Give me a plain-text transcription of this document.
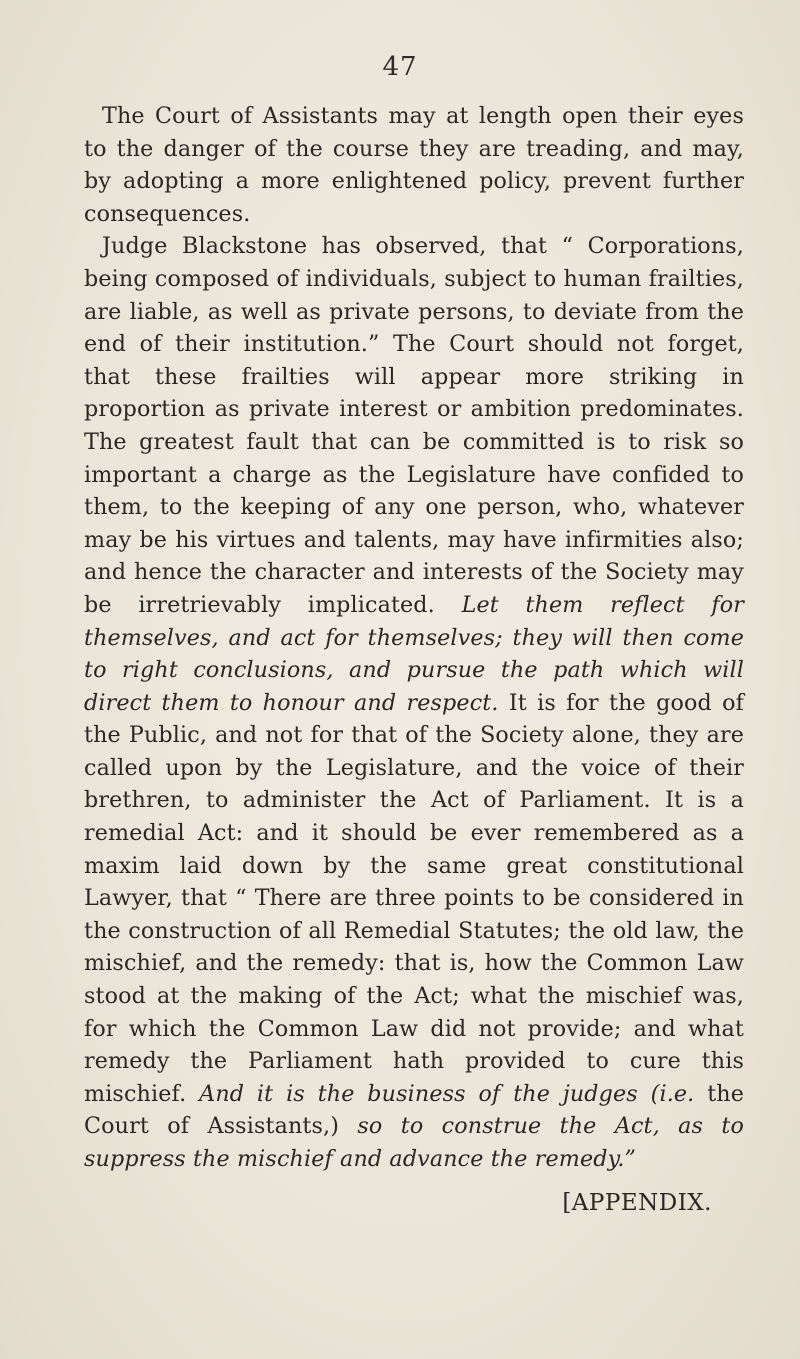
47

The Court of Assistants may at length open their eyes to the danger of the course they are treading, and may, by adopting a more enlightened policy, prevent further consequences.

Judge Blackstone has observed, that “ Corporations, being composed of individuals, subject to human frailties, are liable, as well as private persons, to deviate from the end of their institution.” The Court should not forget, that these frailties will appear more striking in proportion as private interest or ambition predominates. The greatest fault that can be committed is to risk so important a charge as the Legislature have confided to them, to the keeping of any one person, who, whatever may be his virtues and talents, may have infirmities also; and hence the character and interests of the Society may be irretrievably implicated. Let them reflect for themselves, and act for themselves; they will then come to right conclusions, and pursue the path which will direct them to honour and respect. It is for the good of the Public, and not for that of the Society alone, they are called upon by the Legislature, and the voice of their brethren, to administer the Act of Parliament. It is a remedial Act: and it should be ever remembered as a maxim laid down by the same great constitutional Lawyer, that “ There are three points to be considered in the construction of all Remedial Statutes; the old law, the mischief, and the remedy: that is, how the Common Law stood at the making of the Act; what the mischief was, for which the Common Law did not provide; and what remedy the Parliament hath provided to cure this mischief. And it is the business of the judges (i.e. the Court of Assistants,) so to construe the Act, as to suppress the mischief and advance the remedy.”

[APPENDIX.
